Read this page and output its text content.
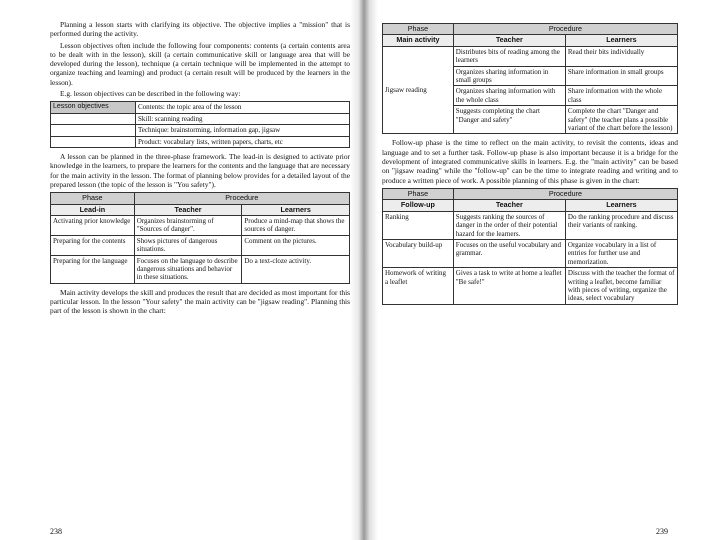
Planning a lesson starts with clarifying its objective. The objective implies a "mission" that is performed during the activity.

Lesson objectives often include the following four components: contents (a certain contents area to be dealt with in the lesson), skill (a certain communicative skill or language area that will be developed during the lesson), technique (a certain technique will be implemented in the attempt to organize teaching and learning) and product (a certain result will be produced by the learners in the lesson).

E.g. lesson objectives can be described in the following way:

Lesson objectives	Contents: the topic area of the lesson
	Skill: scanning reading
	Technique: brainstorming, information gap, jigsaw
	Product: vocabulary lists, written papers, charts, etc

A lesson can be planned in the three-phase framework. The lead-in is designed to activate prior knowledge in the learners, to prepare the learners for the contents and the language that are necessary for the main activity in the lesson. The format of planning below provides for a detailed layout of the prepared lesson (the topic of the lesson is "You safety").

Phase	Procedure	
Lead-in	Teacher	Learners
Activating prior knowledge	Organizes brainstorming of "Sources of danger".	Produce a mind-map that shows the sources of danger.
Preparing for the contents	Shows pictures of dangerous situations.	Comment on the pictures.
Preparing for the language	Focuses on the language to describe dangerous situations and behavior in these situations.	Do a text-cloze activity.

Main activity develops the skill and produces the result that are decided as most important for this particular lesson. In the lesson "Your safety" the main activity can be "jigsaw reading". Planning this part of the lesson is shown in the chart:

238
Phase	Procedure	
Main activity	Teacher	Learners
Jigsaw reading	Distributes bits of reading among the learners	Read their bits individually
	Organizes sharing information in small groups	Share information in small groups
	Organizes sharing information with the whole class	Share information with the whole class
	Suggests completing the chart "Danger and safety"	Complete the chart "Danger and safety" (the teacher plans a possible variant of the chart before the lesson)

Follow-up phase is the time to reflect on the main activity, to revisit the contents, ideas and language and to set a further task. Follow-up phase is also important because it is a bridge for the development of integrated communicative skills in learners. E.g. the "main activity" can be based on "jigsaw reading" while the "follow-up" can be the time to integrate reading and writing and to produce a written piece of work. A possible planning of this phase is given in the chart:

Phase	Procedure	
Follow-up	Teacher	Learners
Ranking	Suggests ranking the sources of danger in the order of their potential hazard for the learners.	Do the ranking procedure and discuss their variants of ranking.
Vocabulary build-up	Focuses on the useful vocabulary and grammar.	Organize vocabulary in a list of entries for further use and memorization.
Homework of writing a leaflet	Gives a task to write at home a leaflet "Be safe!"	Discuss with the teacher the format of writing a leaflet, become familiar with pieces of writing, organize the ideas, select vocabulary
239
